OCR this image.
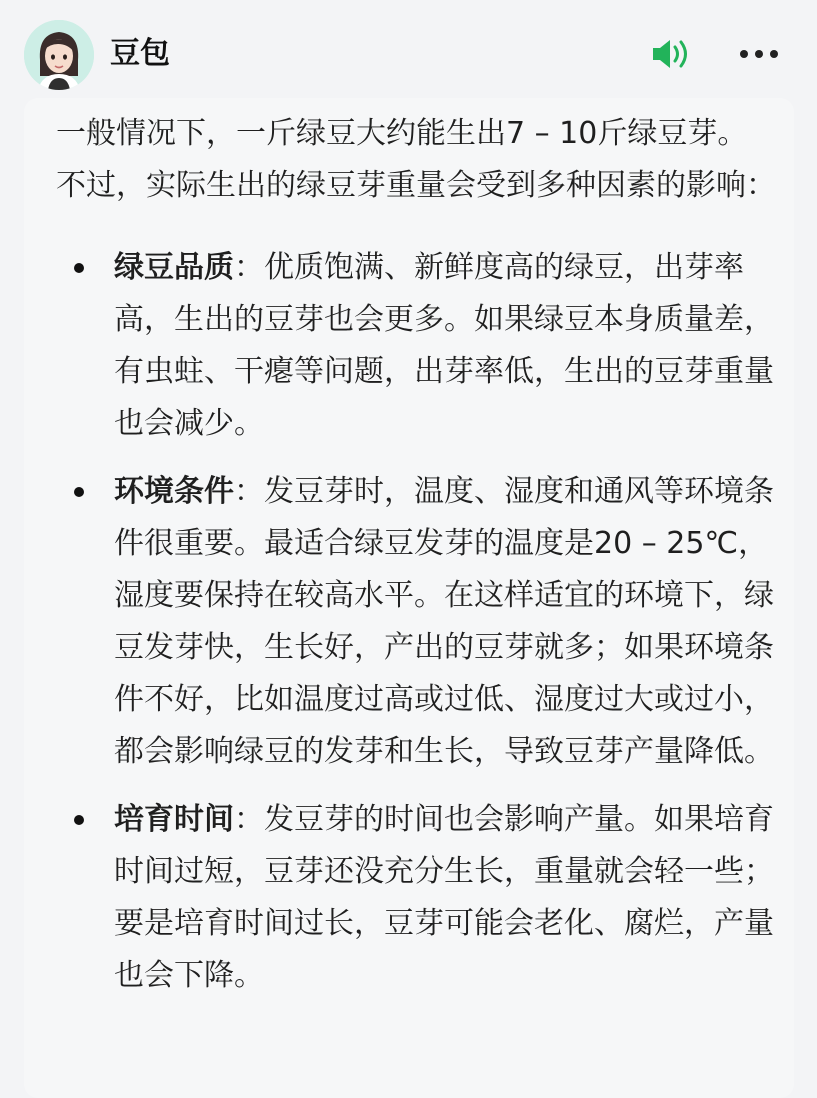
豆包

一般情况下，一斤绿豆大约能生出7 – 10斤绿豆芽。不过，实际生出的绿豆芽重量会受到多种因素的影响：

绿豆品质：优质饱满、新鲜度高的绿豆，出芽率高，生出的豆芽也会更多。如果绿豆本身质量差，有虫蛀、干瘪等问题，出芽率低，生出的豆芽重量也会减少。
环境条件：发豆芽时，温度、湿度和通风等环境条件很重要。最适合绿豆发芽的温度是20 – 25℃，湿度要保持在较高水平。在这样适宜的环境下，绿豆发芽快，生长好，产出的豆芽就多；如果环境条件不好，比如温度过高或过低、湿度过大或过小，都会影响绿豆的发芽和生长，导致豆芽产量降低。
培育时间：发豆芽的时间也会影响产量。如果培育时间过短，豆芽还没充分生长，重量就会轻一些；要是培育时间过长，豆芽可能会老化、腐烂，产量也会下降。
